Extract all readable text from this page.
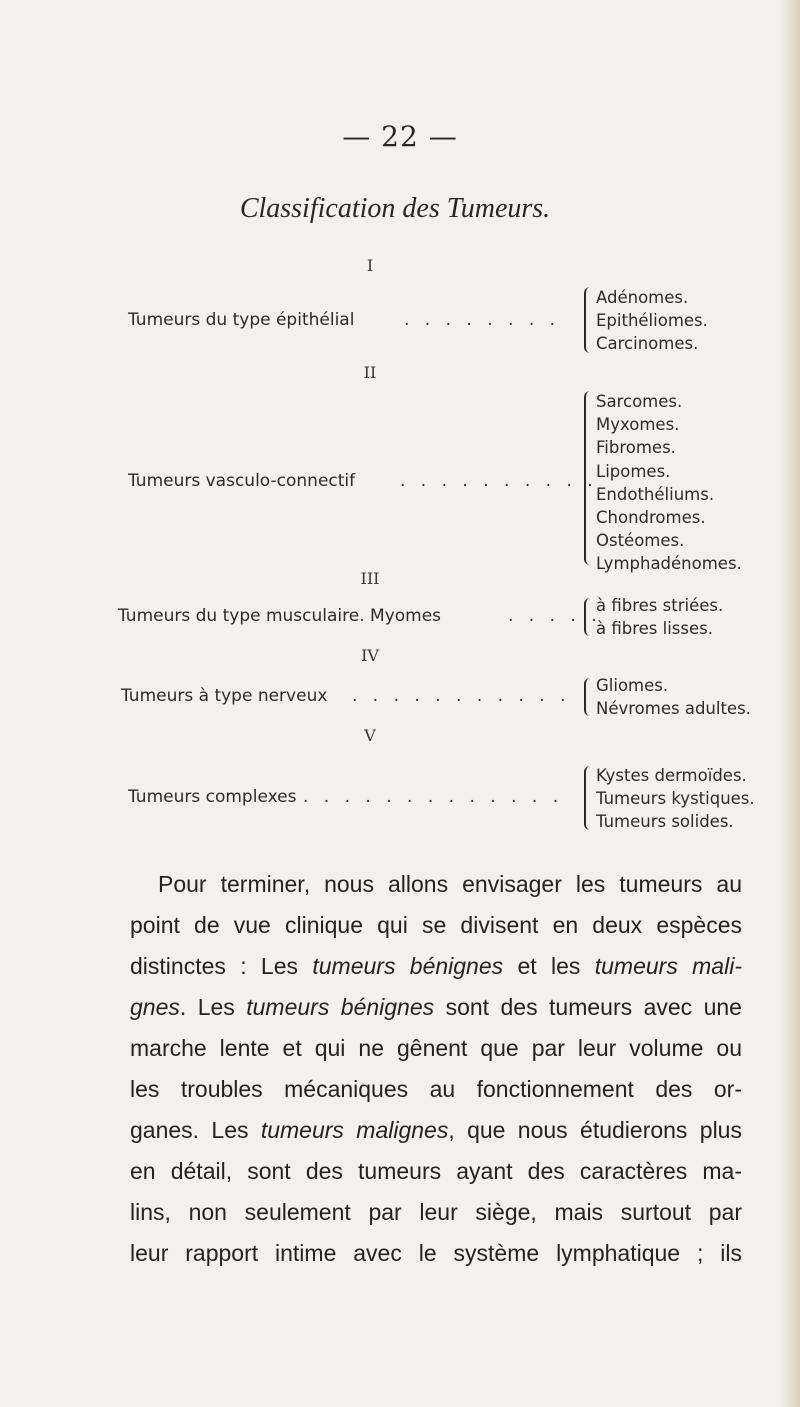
— 22 —
Classification des Tumeurs.
I
Tumeurs du type épithélial	. . . . . . . .
Adénomes.
Epithéliomes.
Carcinomes.
II
Tumeurs vasculo-connectif	. . . . . . . . . .
Sarcomes.
Myxomes.
Fibromes.
Lipomes.
Endothéliums.
Chondromes.
Ostéomes.
Lymphadénomes.
III
Tumeurs du type musculaire. Myomes	. . . . .
à fibres striées.
à fibres lisses.
IV
Tumeurs à type nerveux . . . . . . . . . . .
Gliomes.
Névromes adultes.
V
Tumeurs complexes . . . . . . . . . . . . .
Kystes dermoïdes.
Tumeurs kystiques.
Tumeurs solides.
Pour terminer, nous allons envisager les tumeurs au
point de vue clinique qui se divisent en deux espèces
distinctes : Les tumeurs bénignes et les tumeurs mali-
gnes. Les tumeurs bénignes sont des tumeurs avec une
marche lente et qui ne gênent que par leur volume ou
les troubles mécaniques au fonctionnement des or-
ganes. Les tumeurs malignes, que nous étudierons plus
en détail, sont des tumeurs ayant des caractères ma-
lins, non seulement par leur siège, mais surtout par
leur rapport intime avec le système lymphatique ; ils
